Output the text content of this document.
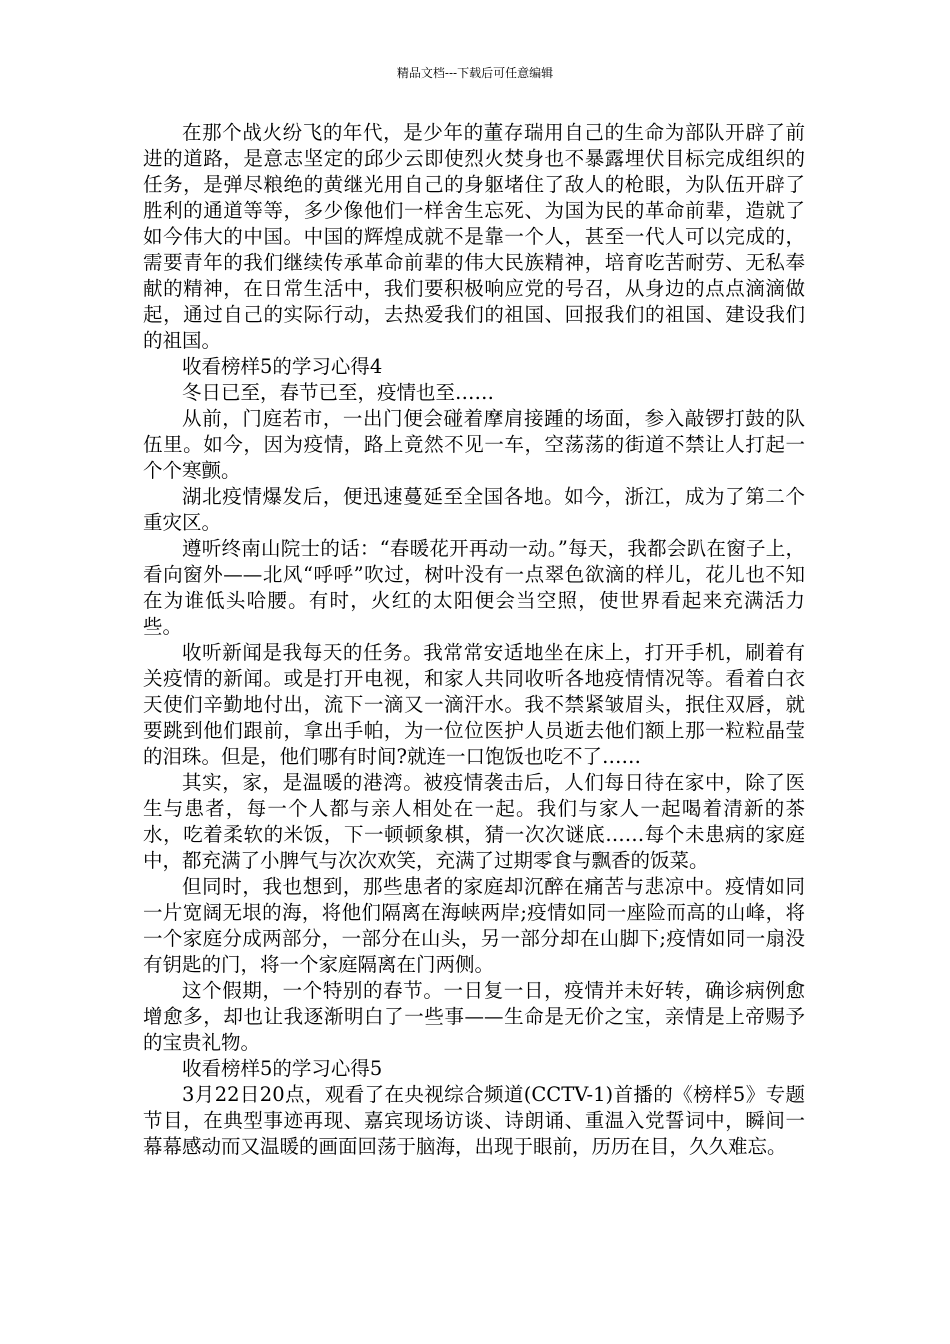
精品文档---下载后可任意编辑

在那个战火纷飞的年代，是少年的董存瑞用自己的生命为部队开辟了前进的道路，是意志坚定的邱少云即使烈火焚身也不暴露埋伏目标完成组织的任务，是弹尽粮绝的黄继光用自己的身躯堵住了敌人的枪眼，为队伍开辟了胜利的通道等等，多少像他们一样舍生忘死、为国为民的革命前辈，造就了如今伟大的中国。中国的辉煌成就不是靠一个人，甚至一代人可以完成的，需要青年的我们继续传承革命前辈的伟大民族精神，培育吃苦耐劳、无私奉献的精神，在日常生活中，我们要积极响应党的号召，从身边的点点滴滴做起，通过自己的实际行动，去热爱我们的祖国、回报我们的祖国、建设我们的祖国。

收看榜样5的学习心得4

冬日已至，春节已至，疫情也至……

从前，门庭若市，一出门便会碰着摩肩接踵的场面，参入敲锣打鼓的队伍里。如今，因为疫情，路上竟然不见一车，空荡荡的街道不禁让人打起一个个寒颤。

湖北疫情爆发后，便迅速蔓延至全国各地。如今，浙江，成为了第二个重灾区。

遵听终南山院士的话：“春暖花开再动一动。”每天，我都会趴在窗子上，看向窗外——北风“呼呼”吹过，树叶没有一点翠色欲滴的样儿，花儿也不知在为谁低头哈腰。有时，火红的太阳便会当空照，使世界看起来充满活力些。

收听新闻是我每天的任务。我常常安适地坐在床上，打开手机，刷着有关疫情的新闻。或是打开电视，和家人共同收听各地疫情情况等。看着白衣天使们辛勤地付出，流下一滴又一滴汗水。我不禁紧皱眉头，抿住双唇，就要跳到他们跟前，拿出手帕，为一位位医护人员逝去他们额上那一粒粒晶莹的泪珠。但是，他们哪有时间?就连一口饱饭也吃不了……

其实，家，是温暖的港湾。被疫情袭击后，人们每日待在家中，除了医生与患者，每一个人都与亲人相处在一起。我们与家人一起喝着清新的茶水，吃着柔软的米饭，下一顿顿象棋，猜一次次谜底……每个未患病的家庭中，都充满了小脾气与次次欢笑，充满了过期零食与飘香的饭菜。

但同时，我也想到，那些患者的家庭却沉醉在痛苦与悲凉中。疫情如同一片宽阔无垠的海，将他们隔离在海峡两岸;疫情如同一座险而高的山峰，将一个家庭分成两部分，一部分在山头，另一部分却在山脚下;疫情如同一扇没有钥匙的门，将一个家庭隔离在门两侧。

这个假期，一个特别的春节。一日复一日，疫情并未好转，确诊病例愈增愈多，却也让我逐渐明白了一些事——生命是无价之宝，亲情是上帝赐予的宝贵礼物。

收看榜样5的学习心得5

3月22日20点，观看了在央视综合频道(CCTV-1)首播的《榜样5》专题节目，在典型事迹再现、嘉宾现场访谈、诗朗诵、重温入党誓词中，瞬间一幕幕感动而又温暖的画面回荡于脑海，出现于眼前，历历在目，久久难忘。
